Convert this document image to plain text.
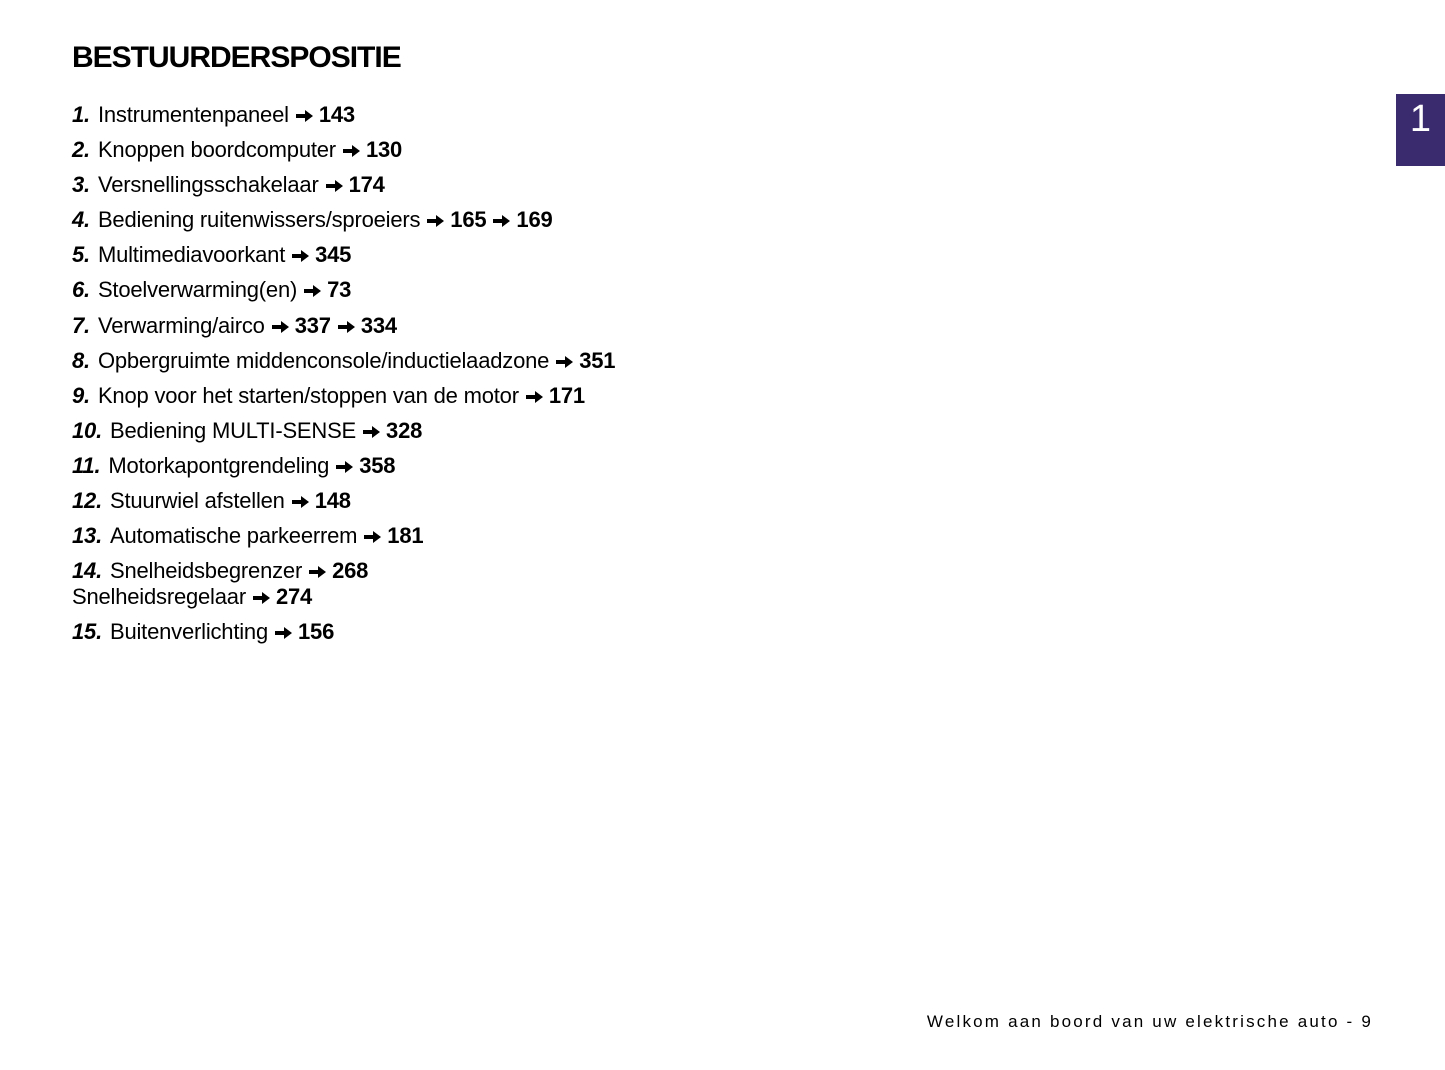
BESTUURDERSPOSITIE
1
1. Instrumentenpaneel 143
2. Knoppen boordcomputer 130
3. Versnellingsschakelaar 174
4. Bediening ruitenwissers/sproeiers 165 169
5. Multimediavoorkant 345
6. Stoelverwarming(en) 73
7. Verwarming/airco 337 334
8. Opbergruimte middenconsole/inductielaadzone 351
9. Knop voor het starten/stoppen van de motor 171
10. Bediening MULTI-SENSE 328
11. Motorkapontgrendeling 358
12. Stuurwiel afstellen 148
13. Automatische parkeerrem 181
14. Snelheidsbegrenzer 268
Snelheidsregelaar 274
15. Buitenverlichting 156
Welkom aan boord van uw elektrische auto - 9
